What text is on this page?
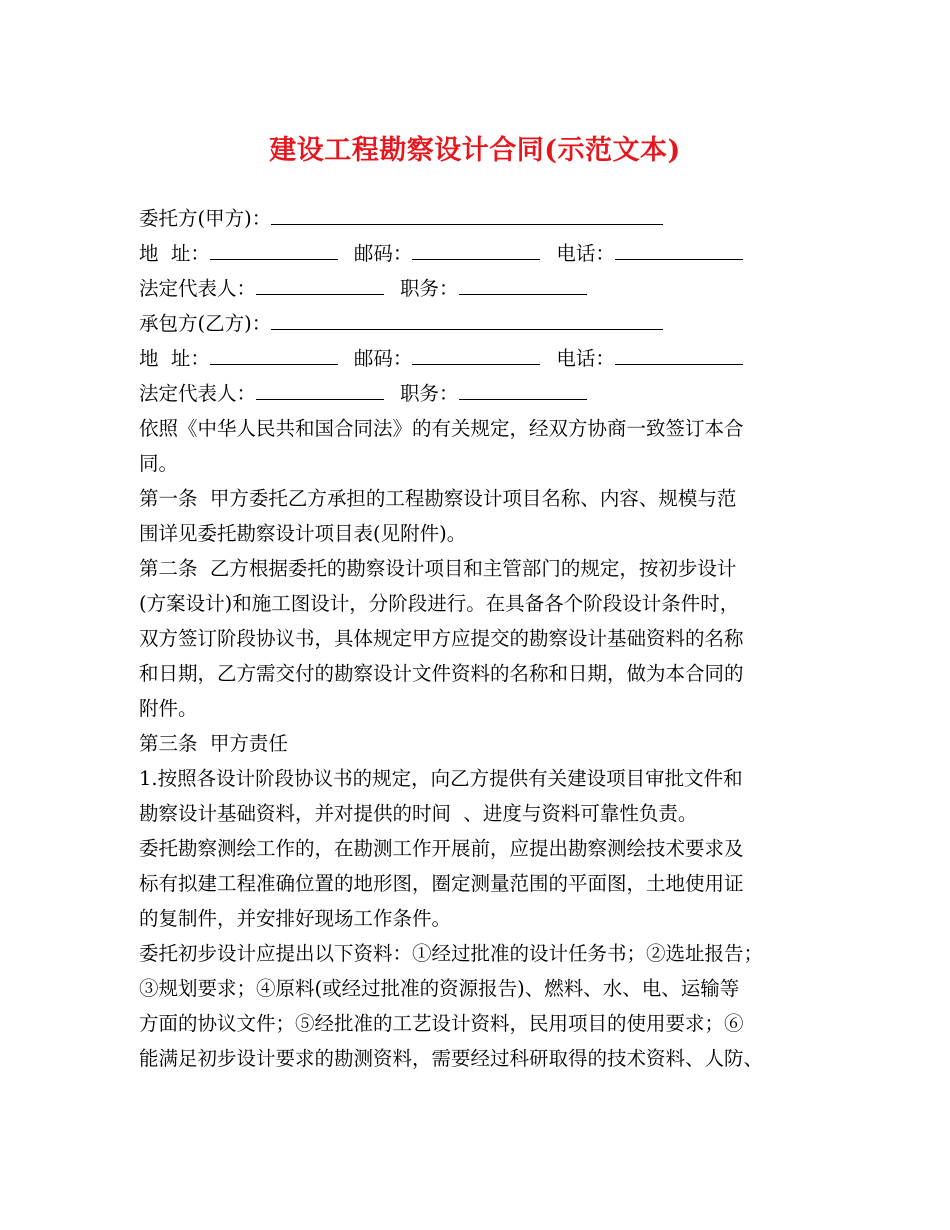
建设工程勘察设计合同(示范文本)
委托方(甲方)：
地  址：	邮码：	电话：
法定代表人：	职务：
承包方(乙方)：
地  址：	邮码：	电话：
法定代表人：	职务：
依照《中华人民共和国合同法》的有关规定，经双方协商一致签订本合
同。
第一条  甲方委托乙方承担的工程勘察设计项目名称、内容、规模与范
围详见委托勘察设计项目表(见附件)。
第二条  乙方根据委托的勘察设计项目和主管部门的规定，按初步设计
(方案设计)和施工图设计，分阶段进行。在具备各个阶段设计条件时，
双方签订阶段协议书，具体规定甲方应提交的勘察设计基础资料的名称
和日期，乙方需交付的勘察设计文件资料的名称和日期，做为本合同的
附件。
第三条  甲方责任
1.按照各设计阶段协议书的规定，向乙方提供有关建设项目审批文件和
勘察设计基础资料，并对提供的时间  、进度与资料可靠性负责。
委托勘察测绘工作的，在勘测工作开展前，应提出勘察测绘技术要求及
标有拟建工程准确位置的地形图，圈定测量范围的平面图，土地使用证
的复制件，并安排好现场工作条件。
委托初步设计应提出以下资料：①经过批准的设计任务书；②选址报告；
③规划要求；④原料(或经过批准的资源报告)、燃料、水、电、运输等
方面的协议文件；⑤经批准的工艺设计资料，民用项目的使用要求；⑥
能满足初步设计要求的勘测资料，需要经过科研取得的技术资料、人防、
